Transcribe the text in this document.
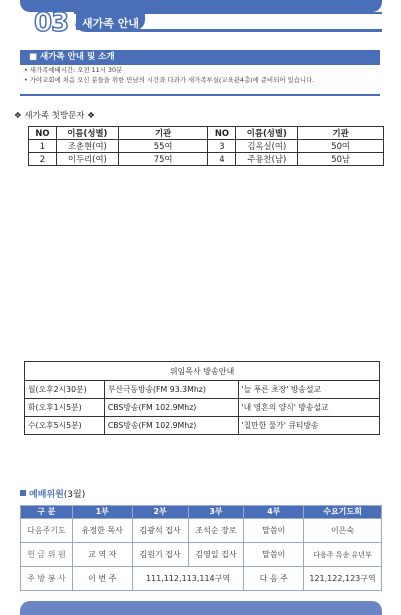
03	새가족 안내
■ 새가족 안내 및 소개
• 새가족예배시간: 오전 11시 30분
• 가야교회에 처음 오신 분들을 위한 만남의 시간과 다과가 새가족부실(교육관4층)에 준비되어 있습니다.
❖ 새가족 첫방문자 ❖
NO	이름(성별)	기관	NO	이름(성별)	기관
1	조춘현(여)	55여	3	김옥실(여)	50여
2	이두리(여)	75여	4	주용찬(남)	50남
위임목사 방송안내		
월(오후2시30분)	부산극동방송(FM 93.3Mhz)	'늘 푸른 초장' 방송설교
화(오후1시5분)	CBS방송(FM 102.9Mhz)	'내 영혼의 양식' 방송설교
수(오후5시5분)	CBS방송(FM 102.9Mhz)	'칠만한 물가' 큐티방송
예배위원(3월)
구 분	1부	2부	3부	4부	수요기도회
다음주기도	유정한 목사	김광석 집사	조석순 장로	말씀이	이은숙
헌 금 위 원	교 역 자	김원기 집사	김영일 집사	말씀이	다음주 특송 유년부
주 방 봉 사	이 번 주	111,112,113,114구역		다 음 주	121,122,123구역
